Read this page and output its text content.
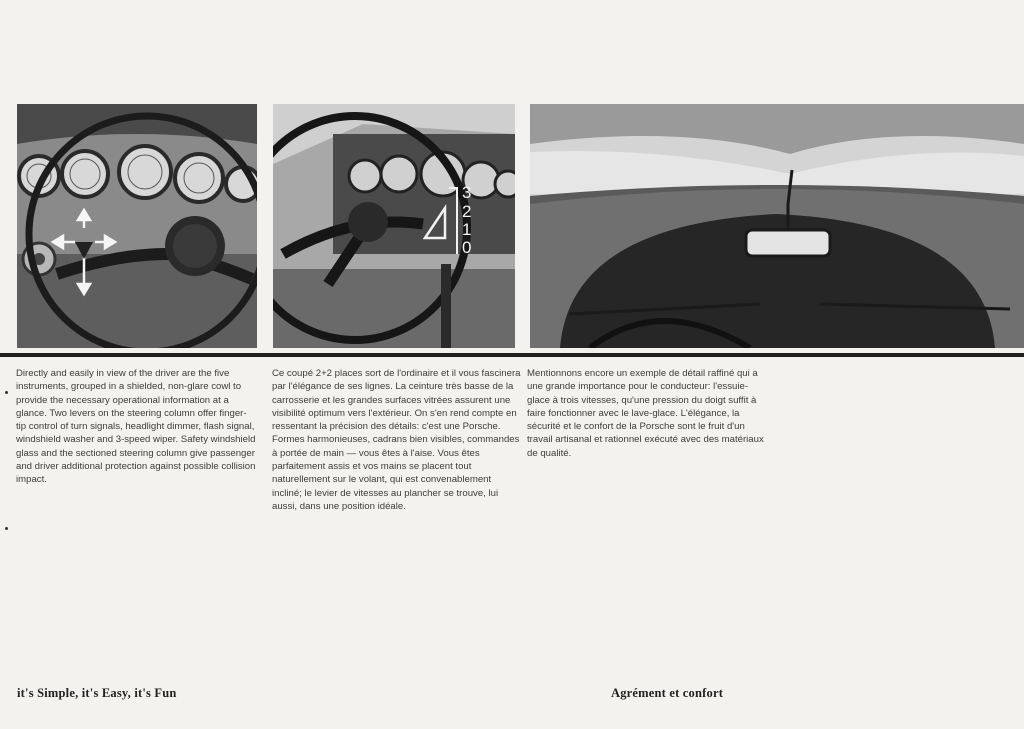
3
2
1
0

Directly and easily in view of the driver are the five instruments, grouped in a shielded, non-glare cowl to provide the necessary operational information at a glance. Two levers on the steering column offer finger-tip control of turn signals, headlight dimmer, flash signal, windshield washer and 3-speed wiper. Safety windshield glass and the sectioned steering column give passenger and driver additional protection against possible collision impact.

Ce coupé 2+2 places sort de l'ordinaire et il vous fascinera par l'élégance de ses lignes. La ceinture très basse de la carrosserie et les grandes surfaces vitrées assurent une visibilité optimum vers l'extérieur. On s'en rend compte en ressentant la précision des détails: c'est une Porsche. Formes harmonieuses, cadrans bien visibles, commandes à portée de main — vous êtes à l'aise. Vous êtes parfaitement assis et vos mains se placent tout naturellement sur le volant, qui est convenablement incliné; le levier de vitesses au plancher se trouve, lui aussi, dans une position idéale.

Mentionnons encore un exemple de détail raffiné qui a une grande importance pour le conducteur: l'essuie-glace à trois vitesses, qu'une pression du doigt suffit à faire fonctionner avec le lave-glace. L'élégance, la sécurité et le confort de la Porsche sont le fruit d'un travail artisanal et rationnel exécuté avec des matériaux de qualité.

it's Simple, it's Easy, it's Fun	Agrément et confort
